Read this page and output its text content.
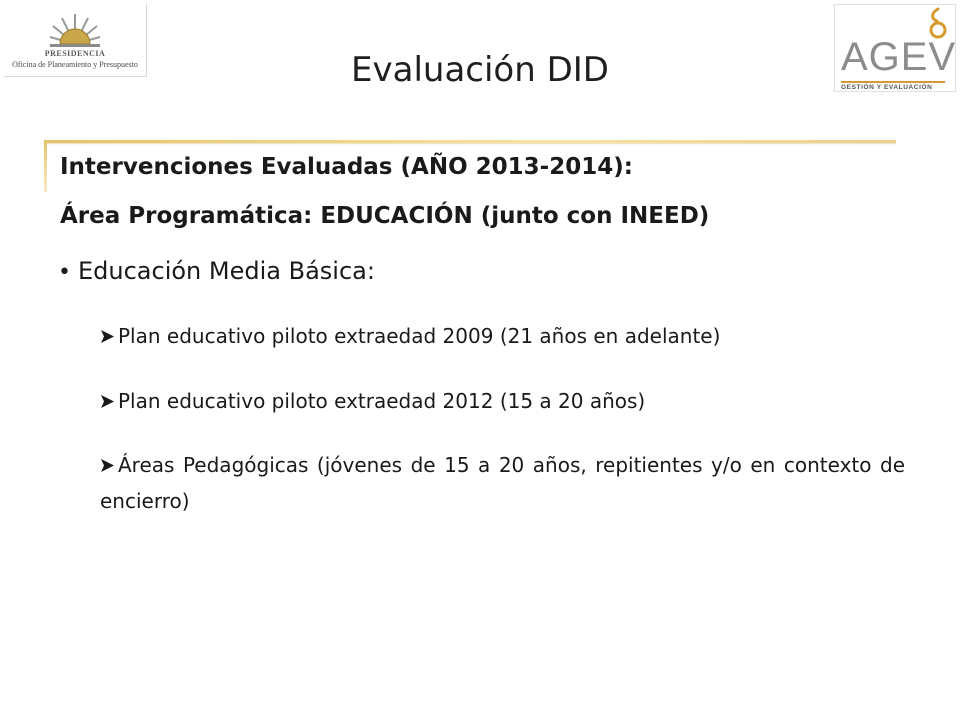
PRESIDENCIA
Oficina de Planeamiento y Presupuesto	AGEV
GESTIÓN Y EVALUACIÓN
Evaluación DID
Intervenciones Evaluadas (AÑO 2013-2014):
Área Programática: EDUCACIÓN (junto con INEED)
• Educación Media Básica:
Plan educativo piloto extraedad 2009 (21 años en adelante)
Plan educativo piloto extraedad 2012 (15 a 20 años)
Áreas Pedagógicas (jóvenes de 15 a 20 años, repitientes y/o en contexto de encierro)
